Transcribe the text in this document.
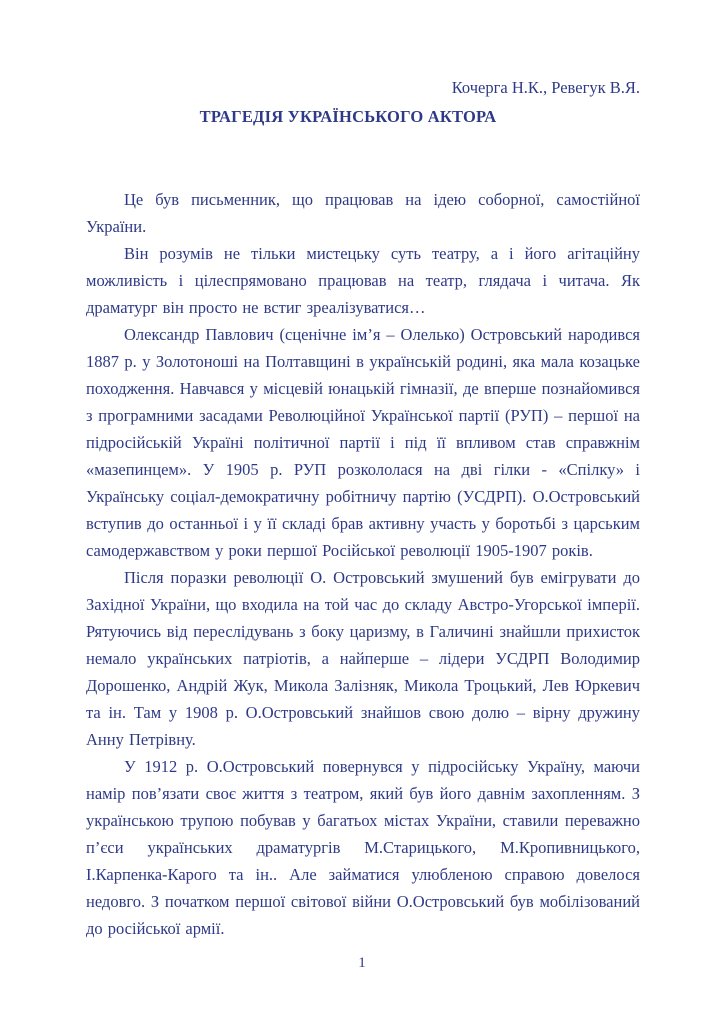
Кочерга Н.К., Ревегук В.Я.
ТРАГЕДІЯ УКРАЇНСЬКОГО АКТОРА

Це був письменник, що працював на ідею соборної, самостійної України.

Він розумів не тільки мистецьку суть театру, а і його агітаційну можливість і цілеспрямовано працював на театр, глядача і читача. Як драматург він просто не встиг зреалізуватися…

Олександр Павлович (сценічне ім’я – Олелько) Островський народився 1887 р. у Золотоноші на Полтавщині в українській родині, яка мала козацьке походження. Навчався у місцевій юнацькій гімназії, де вперше познайомився з програмними засадами Революційної Української партії (РУП) – першої на підросійській Україні політичної партії і під її впливом став справжнім «мазепинцем». У 1905 р. РУП розкололася на дві гілки - «Спілку» і Українську соціал-демократичну робітничу партію (УСДРП). О.Островський вступив до останньої і у її складі брав активну участь у боротьбі з царським самодержавством у роки першої Російської революції 1905-1907 років.

Після поразки революції О. Островський змушений був емігрувати до Західної України, що входила на той час до складу Австро-Угорської імперії. Рятуючись від переслідувань з боку царизму, в Галичині знайшли прихисток немало українських патріотів, а найперше – лідери УСДРП Володимир Дорошенко, Андрій Жук, Микола Залізняк, Микола Троцький, Лев Юркевич та ін. Там у 1908 р. О.Островський знайшов свою долю – вірну дружину Анну Петрівну.

У 1912 р. О.Островський повернувся у підросійську Україну, маючи намір пов’язати своє життя з театром, який був його давнім захопленням. З українською трупою побував у багатьох містах України, ставили переважно п’єси українських драматургів М.Старицького, М.Кропивницького, І.Карпенка-Карого та ін.. Але займатися улюбленою справою довелося недовго. З початком першої світової війни О.Островський був мобілізований до російської армії.

1
